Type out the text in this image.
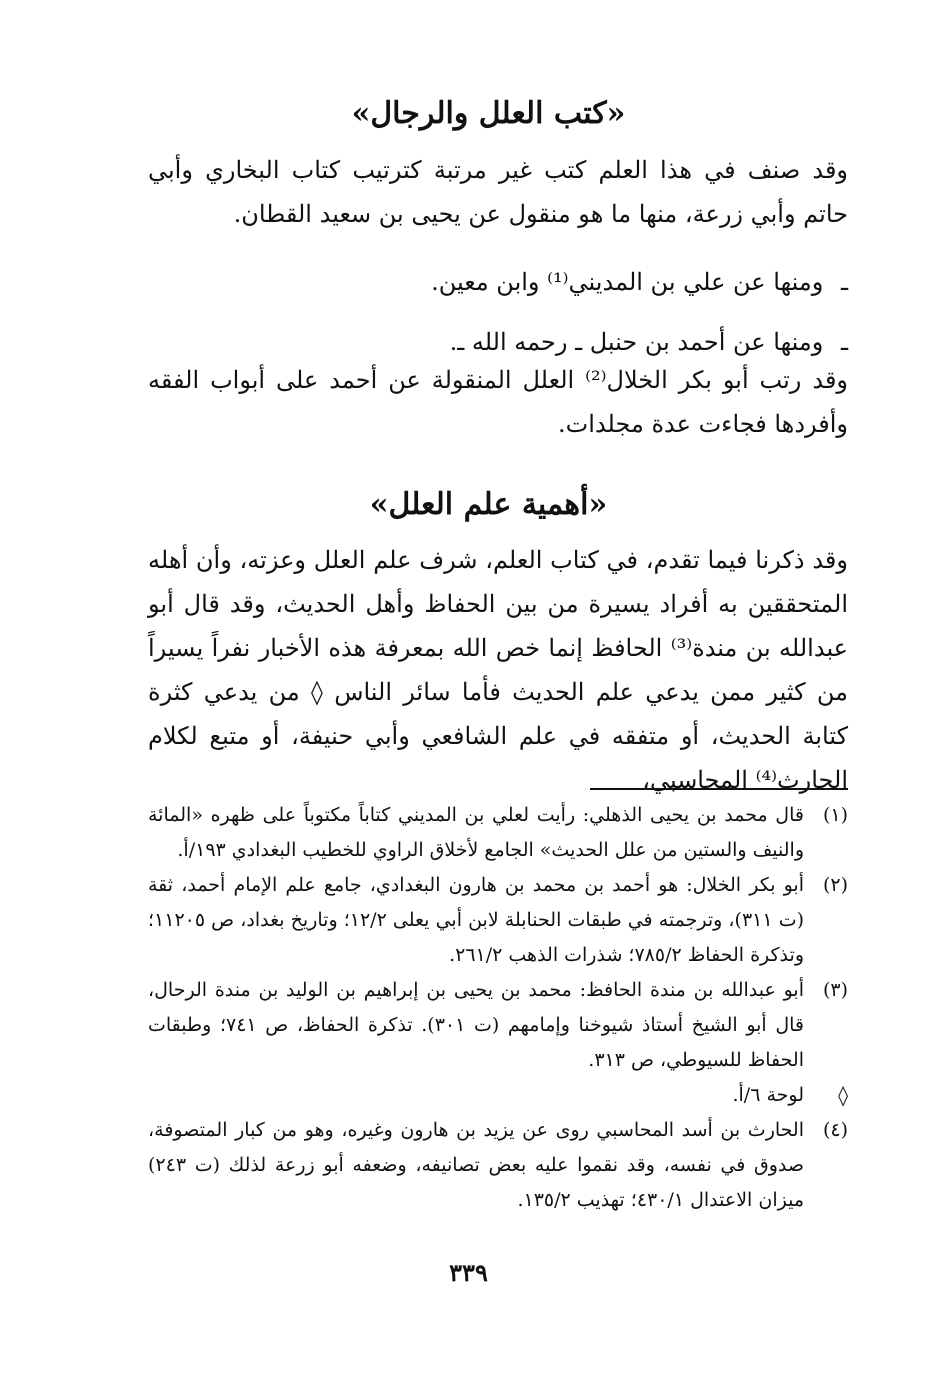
«كتب العلل والرجال»

وقد صنف في هذا العلم كتب غير مرتبة كترتيب كتاب البخاري وأبي حاتم وأبي زرعة، منها ما هو منقول عن يحيى بن سعيد القطان.

ـ ومنها عن علي بن المديني⁽¹⁾ وابن معين.

ـ ومنها عن أحمد بن حنبل ـ رحمه الله ـ.

وقد رتب أبو بكر الخلال⁽²⁾ العلل المنقولة عن أحمد على أبواب الفقه وأفردها فجاءت عدة مجلدات.

«أهمية علم العلل»

وقد ذكرنا فيما تقدم، في كتاب العلم، شرف علم العلل وعزته، وأن أهله المتحققين به أفراد يسيرة من بين الحفاظ وأهل الحديث، وقد قال أبو عبدالله بن مندة⁽³⁾ الحافظ إنما خص الله بمعرفة هذه الأخبار نفراً يسيراً من كثير ممن يدعي علم الحديث فأما سائر الناس ◊ من يدعي كثرة كتابة الحديث، أو متفقه في علم الشافعي وأبي حنيفة، أو متبع لكلام الحارث⁽⁴⁾ المحاسبي،

(١)
قال محمد بن يحيى الذهلي: رأيت لعلي بن المديني كتاباً مكتوباً على ظهره «المائة والنيف والستين من علل الحديث» الجامع لأخلاق الراوي للخطيب البغدادي ١٩٣/أ.
(٢)
أبو بكر الخلال: هو أحمد بن محمد بن هارون البغدادي، جامع علم الإمام أحمد، ثقة (ت ٣١١)، وترجمته في طبقات الحنابلة لابن أبي يعلى ١٢/٢؛ وتاريخ بغداد، ص ١١٢٠٥؛ وتذكرة الحفاظ ٧٨٥/٢؛ شذرات الذهب ٢٦١/٢.
(٣)
أبو عبدالله بن مندة الحافظ: محمد بن يحيى بن إبراهيم بن الوليد بن مندة الرحال، قال أبو الشيخ أستاذ شيوخنا وإمامهم (ت ٣٠١). تذكرة الحفاظ، ص ٧٤١؛ وطبقات الحفاظ للسيوطي، ص ٣١٣.
◊
لوحة ٦/أ.
(٤)
الحارث بن أسد المحاسبي روى عن يزيد بن هارون وغيره، وهو من كبار المتصوفة، صدوق في نفسه، وقد نقموا عليه بعض تصانيفه، وضعفه أبو زرعة لذلك (ت ٢٤٣) ميزان الاعتدال ٤٣٠/١؛ تهذيب ١٣٥/٢.

٣٣٩
